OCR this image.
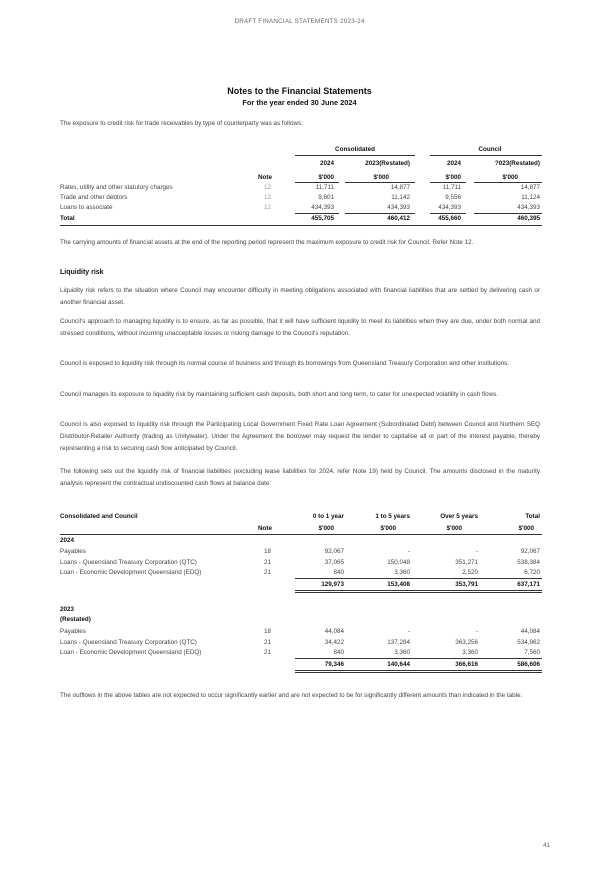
DRAFT FINANCIAL STATEMENTS 2023-24
Notes to the Financial Statements
For the year ended 30 June 2024
The exposure to credit risk for trade receivables by type of counterparty was as follows:
Consolidated	Council
2024	2023(Restated)	2024	?023(Restated)
Note	$'000	$'000	$'000	$'000
Rates, utility and other statutory charges	12	11,711	14,877	11,711	14,877
Trade and other debtors	12	9,601	11,142	9,556	11,124
Loans to associate	12	434,393	434,393	434,393	434,393
Total	455,705	460,412	455,660	460,395
The carrying amounts of financial assets at the end of the reporting period represent the maximum exposure to credit risk for Council. Refer Note 12.
Liquidity risk
Liquidity risk refers to the situation where Council may encounter difficulty in meeting obligations associated with financial liabilities that are settled by delivering cash or another financial asset.
Council's approach to managing liquidity is to ensure, as far as possible, that it will have sufficient liquidity to meet its liabilities when they are due, under both normal and stressed conditions, without incurring unacceptable losses or risking damage to the Council's reputation.
Council is exposed to liquidity risk through its normal course of business and through its borrowings from Queensland Treasury Corporation and other institutions.
Council manages its exposure to liquidity risk by maintaining sufficient cash deposits, both short and long term, to cater for unexpected volatility in cash flows.
Council is also exposed to liquidity risk through the Participating Local Government Fixed Rate Loan Agreement (Subordinated Debt) between Council and Northern SEQ Distributor-Retailer Authority (trading as Unitywater). Under the Agreement the borrower may request the lender to capitalise all or part of the interest payable, thereby representing a risk to securing cash flow anticipated by Council.
The following sets out the liquidity risk of financial liabilities (excluding lease liabilities for 2024, refer Note 19) held by Council. The amounts disclosed in the maturity analysis represent the contractual undiscounted cash flows at balance date:
Consolidated and Council	0 to 1 year	1 to 5 years	Over 5 years	Total
Note	$'000	$'000	$'000	$'000
2024
Payables	18	92,067	-	-	92,067
Loans - Queensland Treasury Corporation (QTC)	21	37,065	150,048	351,271	538,384
Loan - Economic Development Queensland (EDQ)	21	840	3,360	2,520	6,720
129,973	153,408	353,791	637,171
2023
(Restated)
Payables	18	44,084	-	-	44,084
Loans - Queensland Treasury Corporation (QTC)	21	34,422	137,284	363,256	534,962
Loan - Economic Development Queensland (EDQ)	21	840	3,360	3,360	7,560
79,346	140,644	366,616	586,606
The outflows in the above tables are not expected to occur significantly earlier and are not expected to be for significantly different amounts than indicated in the table.
41
